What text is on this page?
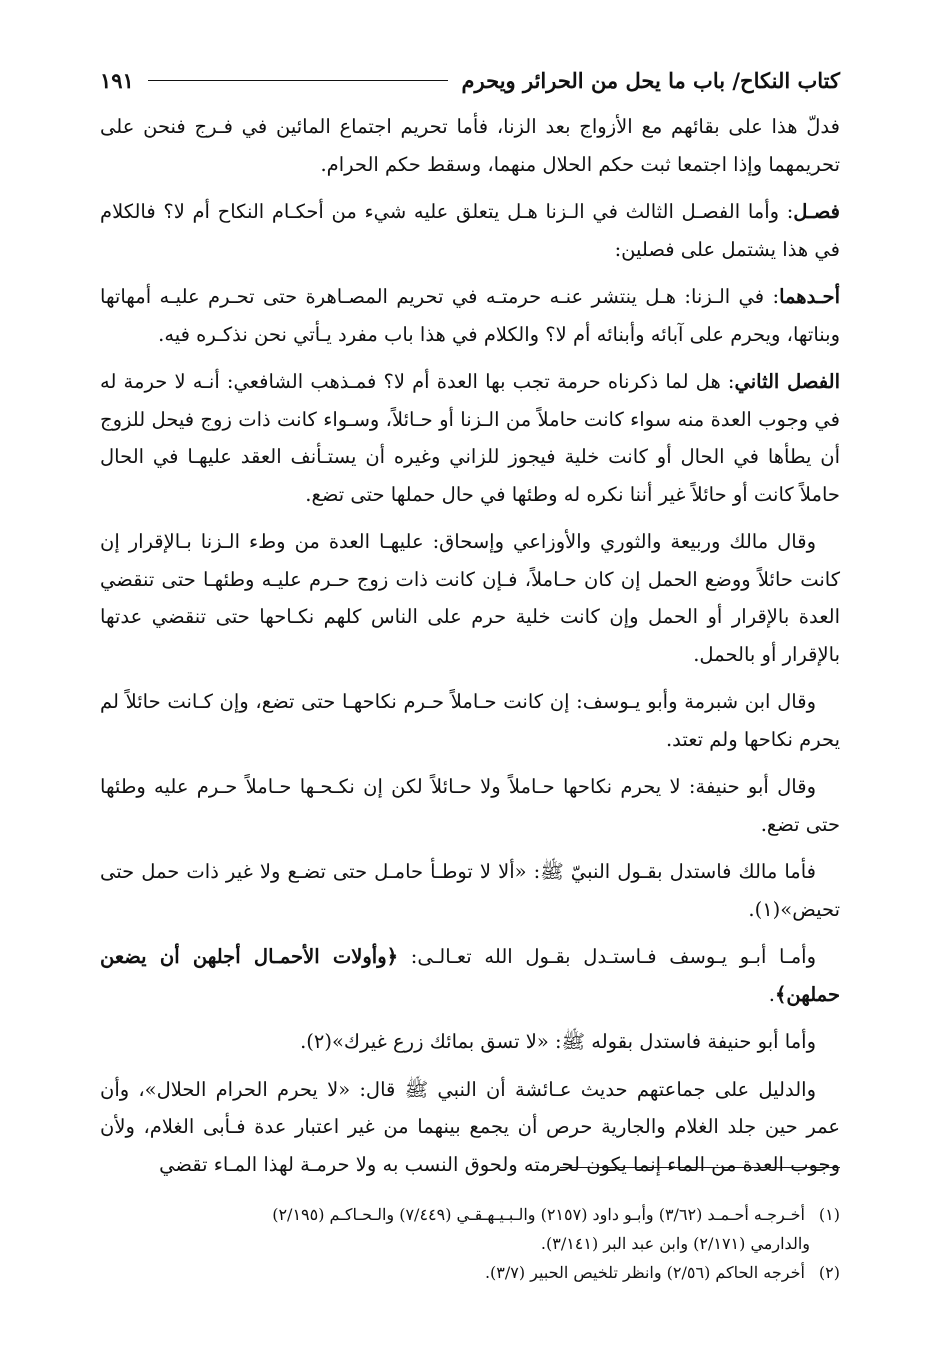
كتاب النكاح/ باب ما يحل من الحرائر ويحرم
١٩١

فدلّ هذا على بقائهم مع الأزواج بعد الزنا، فأما تحريم اجتماع المائين في فـرج فنحن على تحريمهما وإذا اجتمعا ثبت حكم الحلال منهما، وسقط حكم الحرام.

فصـل: وأما الفصـل الثالث في الـزنا هـل يتعلق عليه شيء من أحكـام النكاح أم لا؟ فالكلام في هذا يشتمل على فصلين:

أحـدهما: في الـزنا: هـل ينتشر عنـه حرمتـه في تحريم المصـاهرة حتى تحـرم عليـه أمهاتها وبناتها، ويحرم على آبائه وأبنائه أم لا؟ والكلام في هذا باب مفرد يـأتي نحن نذكـره فيه.

الفصل الثاني: هل لما ذكرناه حرمة تجب بها العدة أم لا؟ فمـذهب الشافعي: أنـه لا حرمة له في وجوب العدة منه سواء كانت حاملاً من الـزنا أو حـائلاً، وسـواء كانت ذات زوج فيحل للزوج أن يطأها في الحال أو كانت خلية فيجوز للزاني وغيره أن يستـأنف العقد عليهـا في الحال حاملاً كانت أو حائلاً غير أننا نكره له وطئها في حال حملها حتى تضع.

وقال مالك وربيعة والثوري والأوزاعي وإسحاق: عليهـا العدة من وطء الـزنا بـالإقرار إن كانت حائلاً ووضع الحمل إن كان حـاملاً، فـإن كانت ذات زوج حـرم عليـه وطئهـا حتى تنقضي العدة بالإقرار أو الحمل وإن كانت خلية حرم على الناس كلهم نكـاحها حتى تنقضي عدتها بالإقرار أو بالحمل.

وقال ابن شبرمة وأبو يـوسف: إن كانت حـاملاً حـرم نكاحهـا حتى تضع، وإن كـانت حائلاً لم يحرم نكاحها ولم تعتد.

وقال أبو حنيفة: لا يحرم نكاحها حـاملاً ولا حـائلاً لكن إن نكـحـها حـاملاً حـرم عليه وطئها حتى تضع.

فأما مالك فاستدل بقـول النبيّ ﷺ: «ألا لا توطـأ حامـل حتى تضـع ولا غير ذات حمل حتى تحيض»(١).

وأمـا أبـو يـوسف فـاستـدل بقـول الله تعـالـى: ﴿وأولات الأحمـال أجلهن أن يضعن حملهن﴾.

وأما أبو حنيفة فاستدل بقوله ﷺ: «لا تسق بمائك زرع غيرك»(٢).

والدليل على جماعتهم حديث عـائشة أن النبي ﷺ قال: «لا يحرم الحرام الحلال»، وأن عمر حين جلد الغلام والجارية حرص أن يجمع بينهما من غير اعتبار عدة فـأبى الغلام، ولأن وجوب العدة من الماء إنما يكون لحرمته ولحوق النسب به ولا حرمـة لهذا المـاء تقضي

(١) أخـرجـه أحـمـد (٣/٦٢) وأبـو داود (٢١٥٧) والـبـيـهـقـي (٧/٤٤٩) والـحـاكـم (٢/١٩٥)

والدارمي (٢/١٧١) وابن عبد البر (٣/١٤١).

(٢) أخرجه الحاكم (٢/٥٦) وانظر تلخيص الحبير (٣/٧).
